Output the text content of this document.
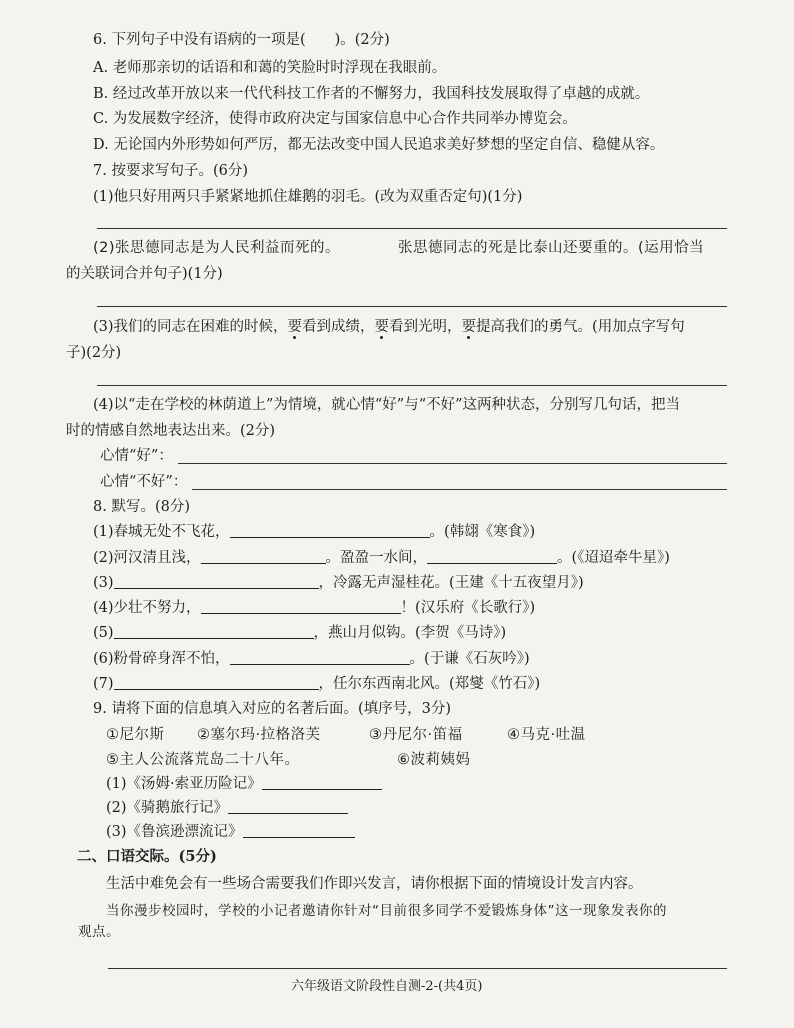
6. 下列句子中没有语病的一项是(　　)。(2分)
A. 老师那亲切的话语和和蔼的笑脸时时浮现在我眼前。
B. 经过改革开放以来一代代科技工作者的不懈努力，我国科技发展取得了卓越的成就。
C. 为发展数字经济，使得市政府决定与国家信息中心合作共同举办博览会。
D. 无论国内外形势如何严厉，都无法改变中国人民追求美好梦想的坚定自信、稳健从容。
7. 按要求写句子。(6分)
(1)他只好用两只手紧紧地抓住雄鹅的羽毛。(改为双重否定句)(1分)
(2)张思德同志是为人民利益而死的。	张思德同志的死是比泰山还要重的。(运用恰当
的关联词合并句子)(1分)
(3)我们的同志在困难的时候，要看到成绩，要看到光明，要提高我们的勇气。(用加点字写句
子)(2分)
(4)以“走在学校的林荫道上”为情境，就心情“好”与“不好”这两种状态，分别写几句话，把当
时的情感自然地表达出来。(2分)
心情“好”：
心情“不好”：
8. 默写。(8分)
(1)春城无处不飞花，	。(韩翃《寒食》)
(2)河汉清且浅，	。盈盈一水间，	。(《迢迢牵牛星》)
(3)	，冷露无声湿桂花。(王建《十五夜望月》)
(4)少壮不努力，	！(汉乐府《长歌行》)
(5)	，燕山月似钩。(李贺《马诗》)
(6)粉骨碎身浑不怕，	。(于谦《石灰吟》)
(7)	，任尔东西南北风。(郑燮《竹石》)
9. 请将下面的信息填入对应的名著后面。(填序号，3分)
①尼尔斯 ②塞尔玛·拉格洛芙	③丹尼尔·笛福	④马克·吐温
⑤主人公流落荒岛二十八年。	⑥波莉姨妈
(1)《汤姆·索亚历险记》
(2)《骑鹅旅行记》
(3)《鲁滨逊漂流记》
二、口语交际。(5分)
生活中难免会有一些场合需要我们作即兴发言，请你根据下面的情境设计发言内容。
当你漫步校园时，学校的小记者邀请你针对“目前很多同学不爱锻炼身体”这一现象发表你的
观点。
六年级语文阶段性自测-2-(共4页)
